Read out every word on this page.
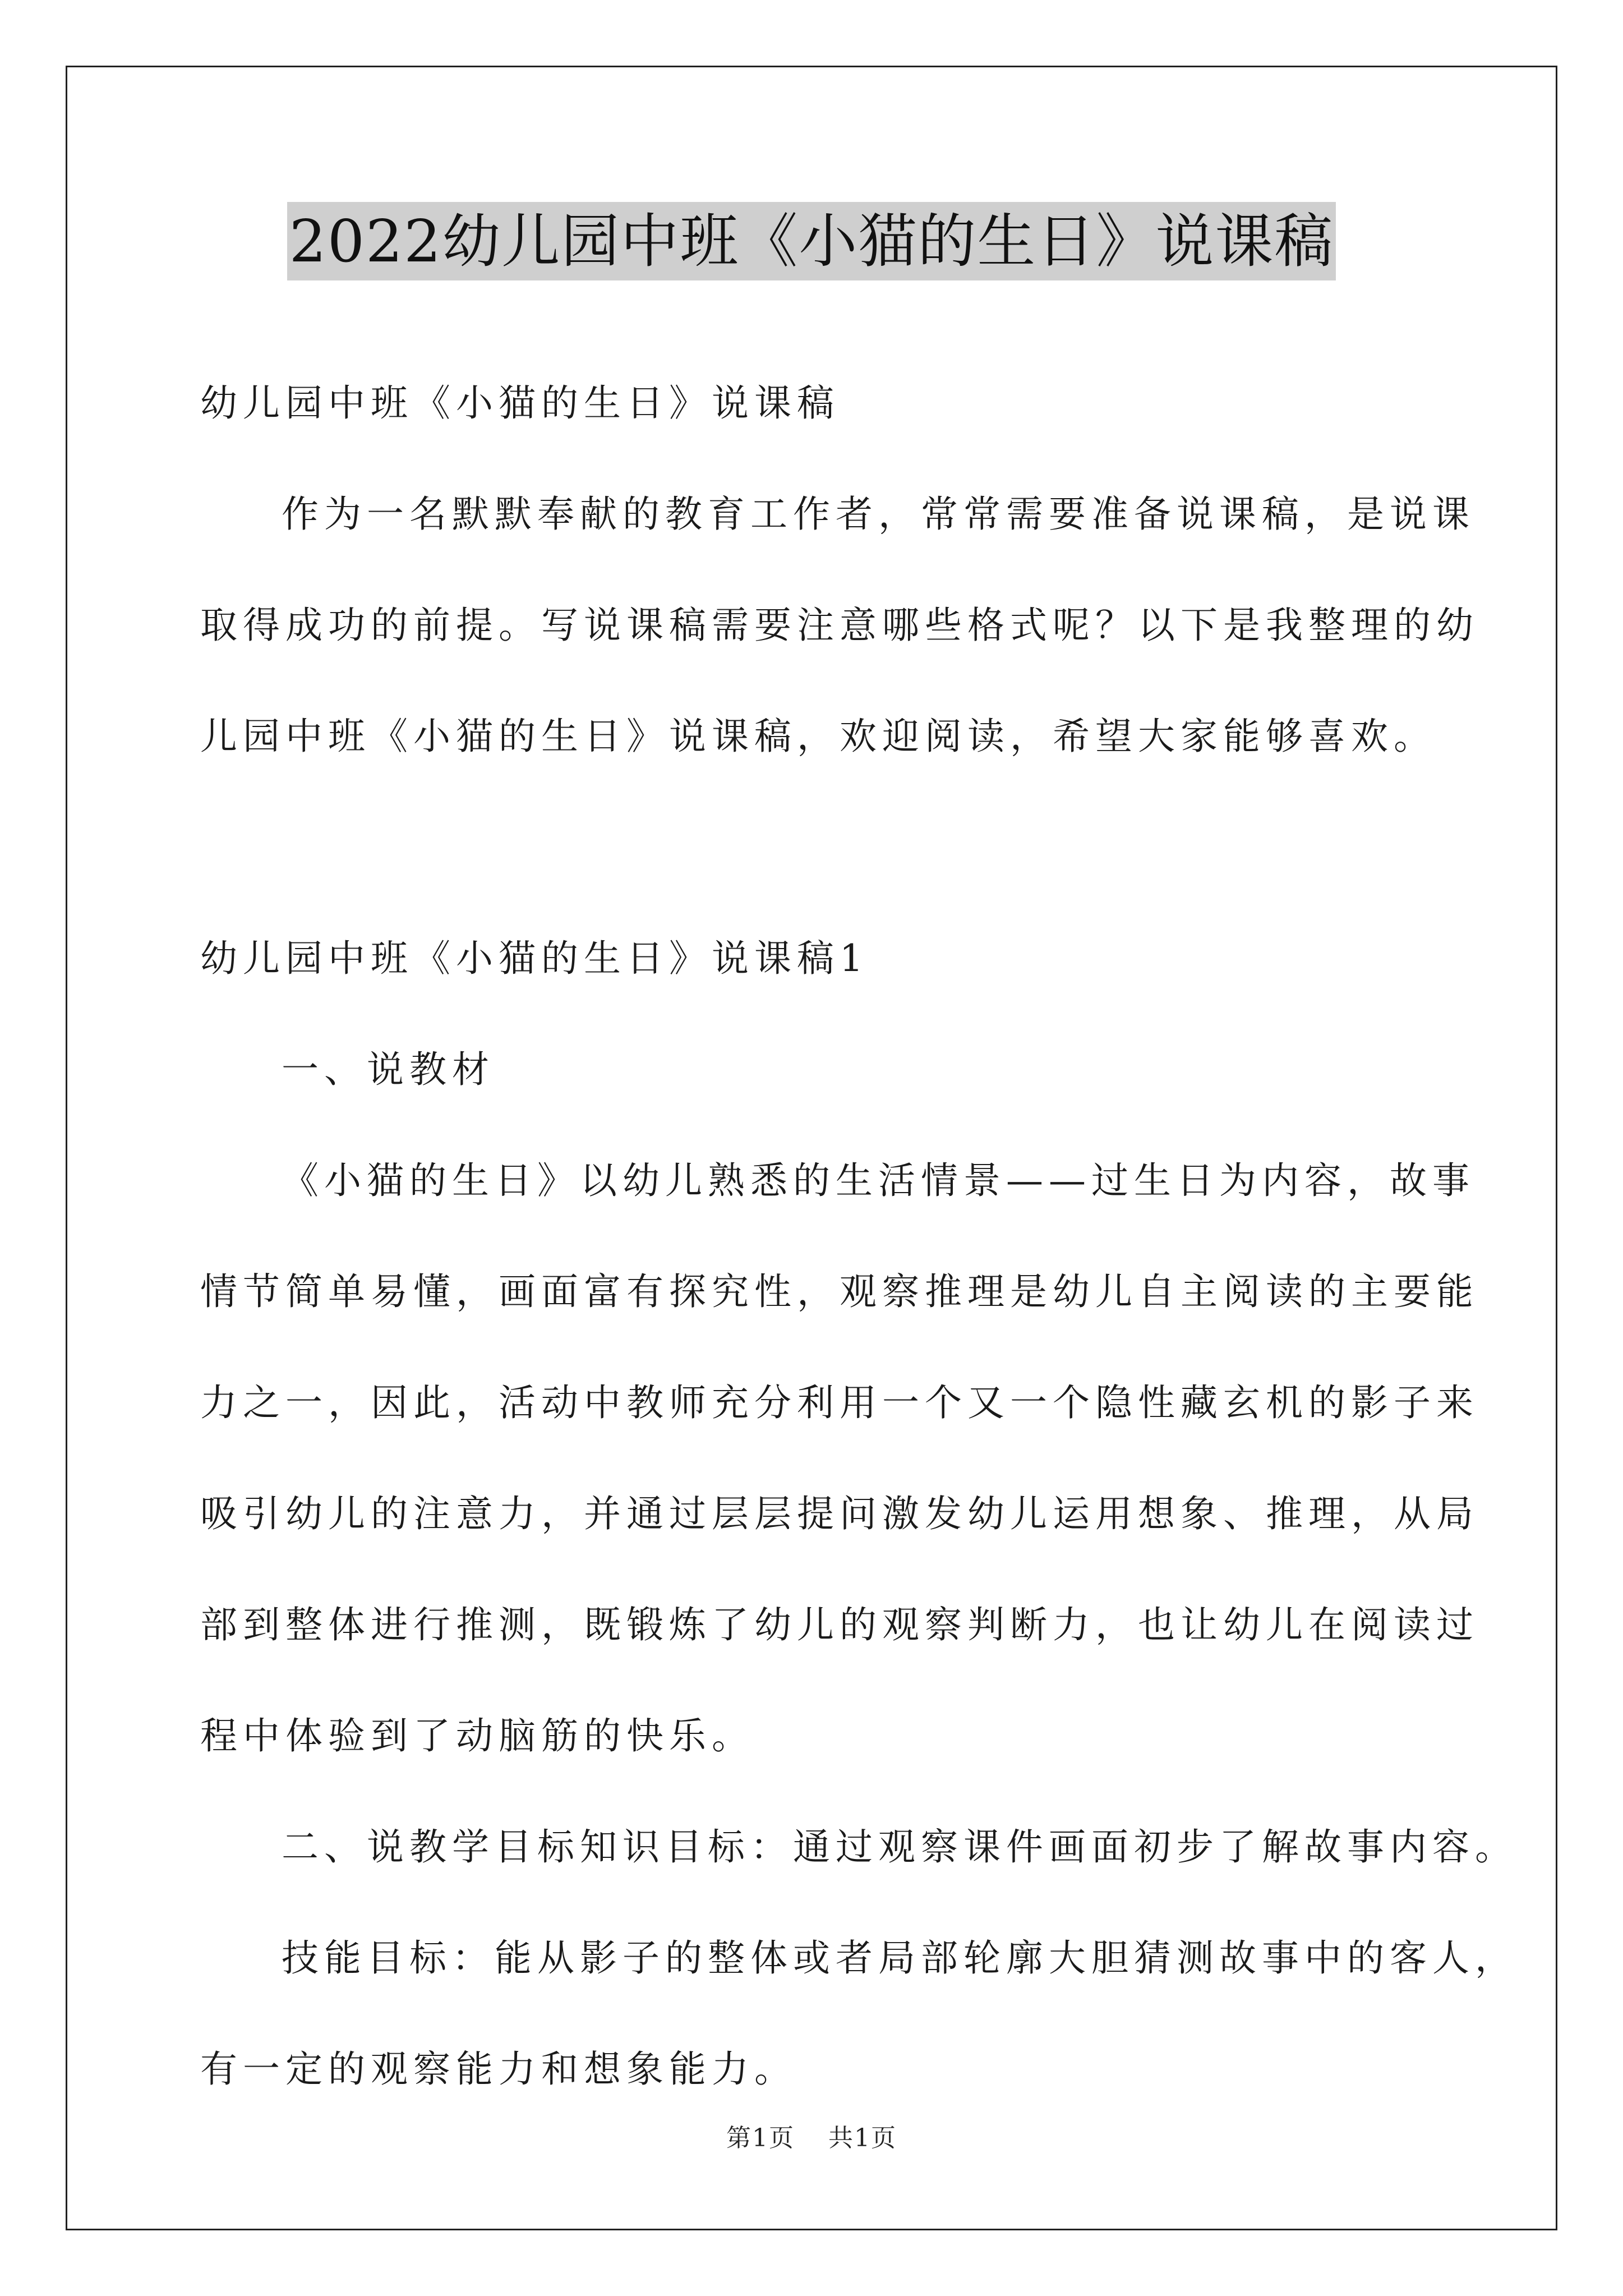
2022幼儿园中班《小猫的生日》说课稿
幼儿园中班《小猫的生日》说课稿
作为一名默默奉献的教育工作者，常常需要准备说课稿，是说课
取得成功的前提。写说课稿需要注意哪些格式呢？以下是我整理的幼
儿园中班《小猫的生日》说课稿，欢迎阅读，希望大家能够喜欢。
幼儿园中班《小猫的生日》说课稿1
一、说教材
《小猫的生日》以幼儿熟悉的生活情景——过生日为内容，故事
情节简单易懂，画面富有探究性，观察推理是幼儿自主阅读的主要能
力之一，因此，活动中教师充分利用一个又一个隐性藏玄机的影子来
吸引幼儿的注意力，并通过层层提问激发幼儿运用想象、推理，从局
部到整体进行推测，既锻炼了幼儿的观察判断力，也让幼儿在阅读过
程中体验到了动脑筋的快乐。
二、说教学目标知识目标：通过观察课件画面初步了解故事内容。
技能目标：能从影子的整体或者局部轮廓大胆猜测故事中的客人，
有一定的观察能力和想象能力。
第1页 共1页
